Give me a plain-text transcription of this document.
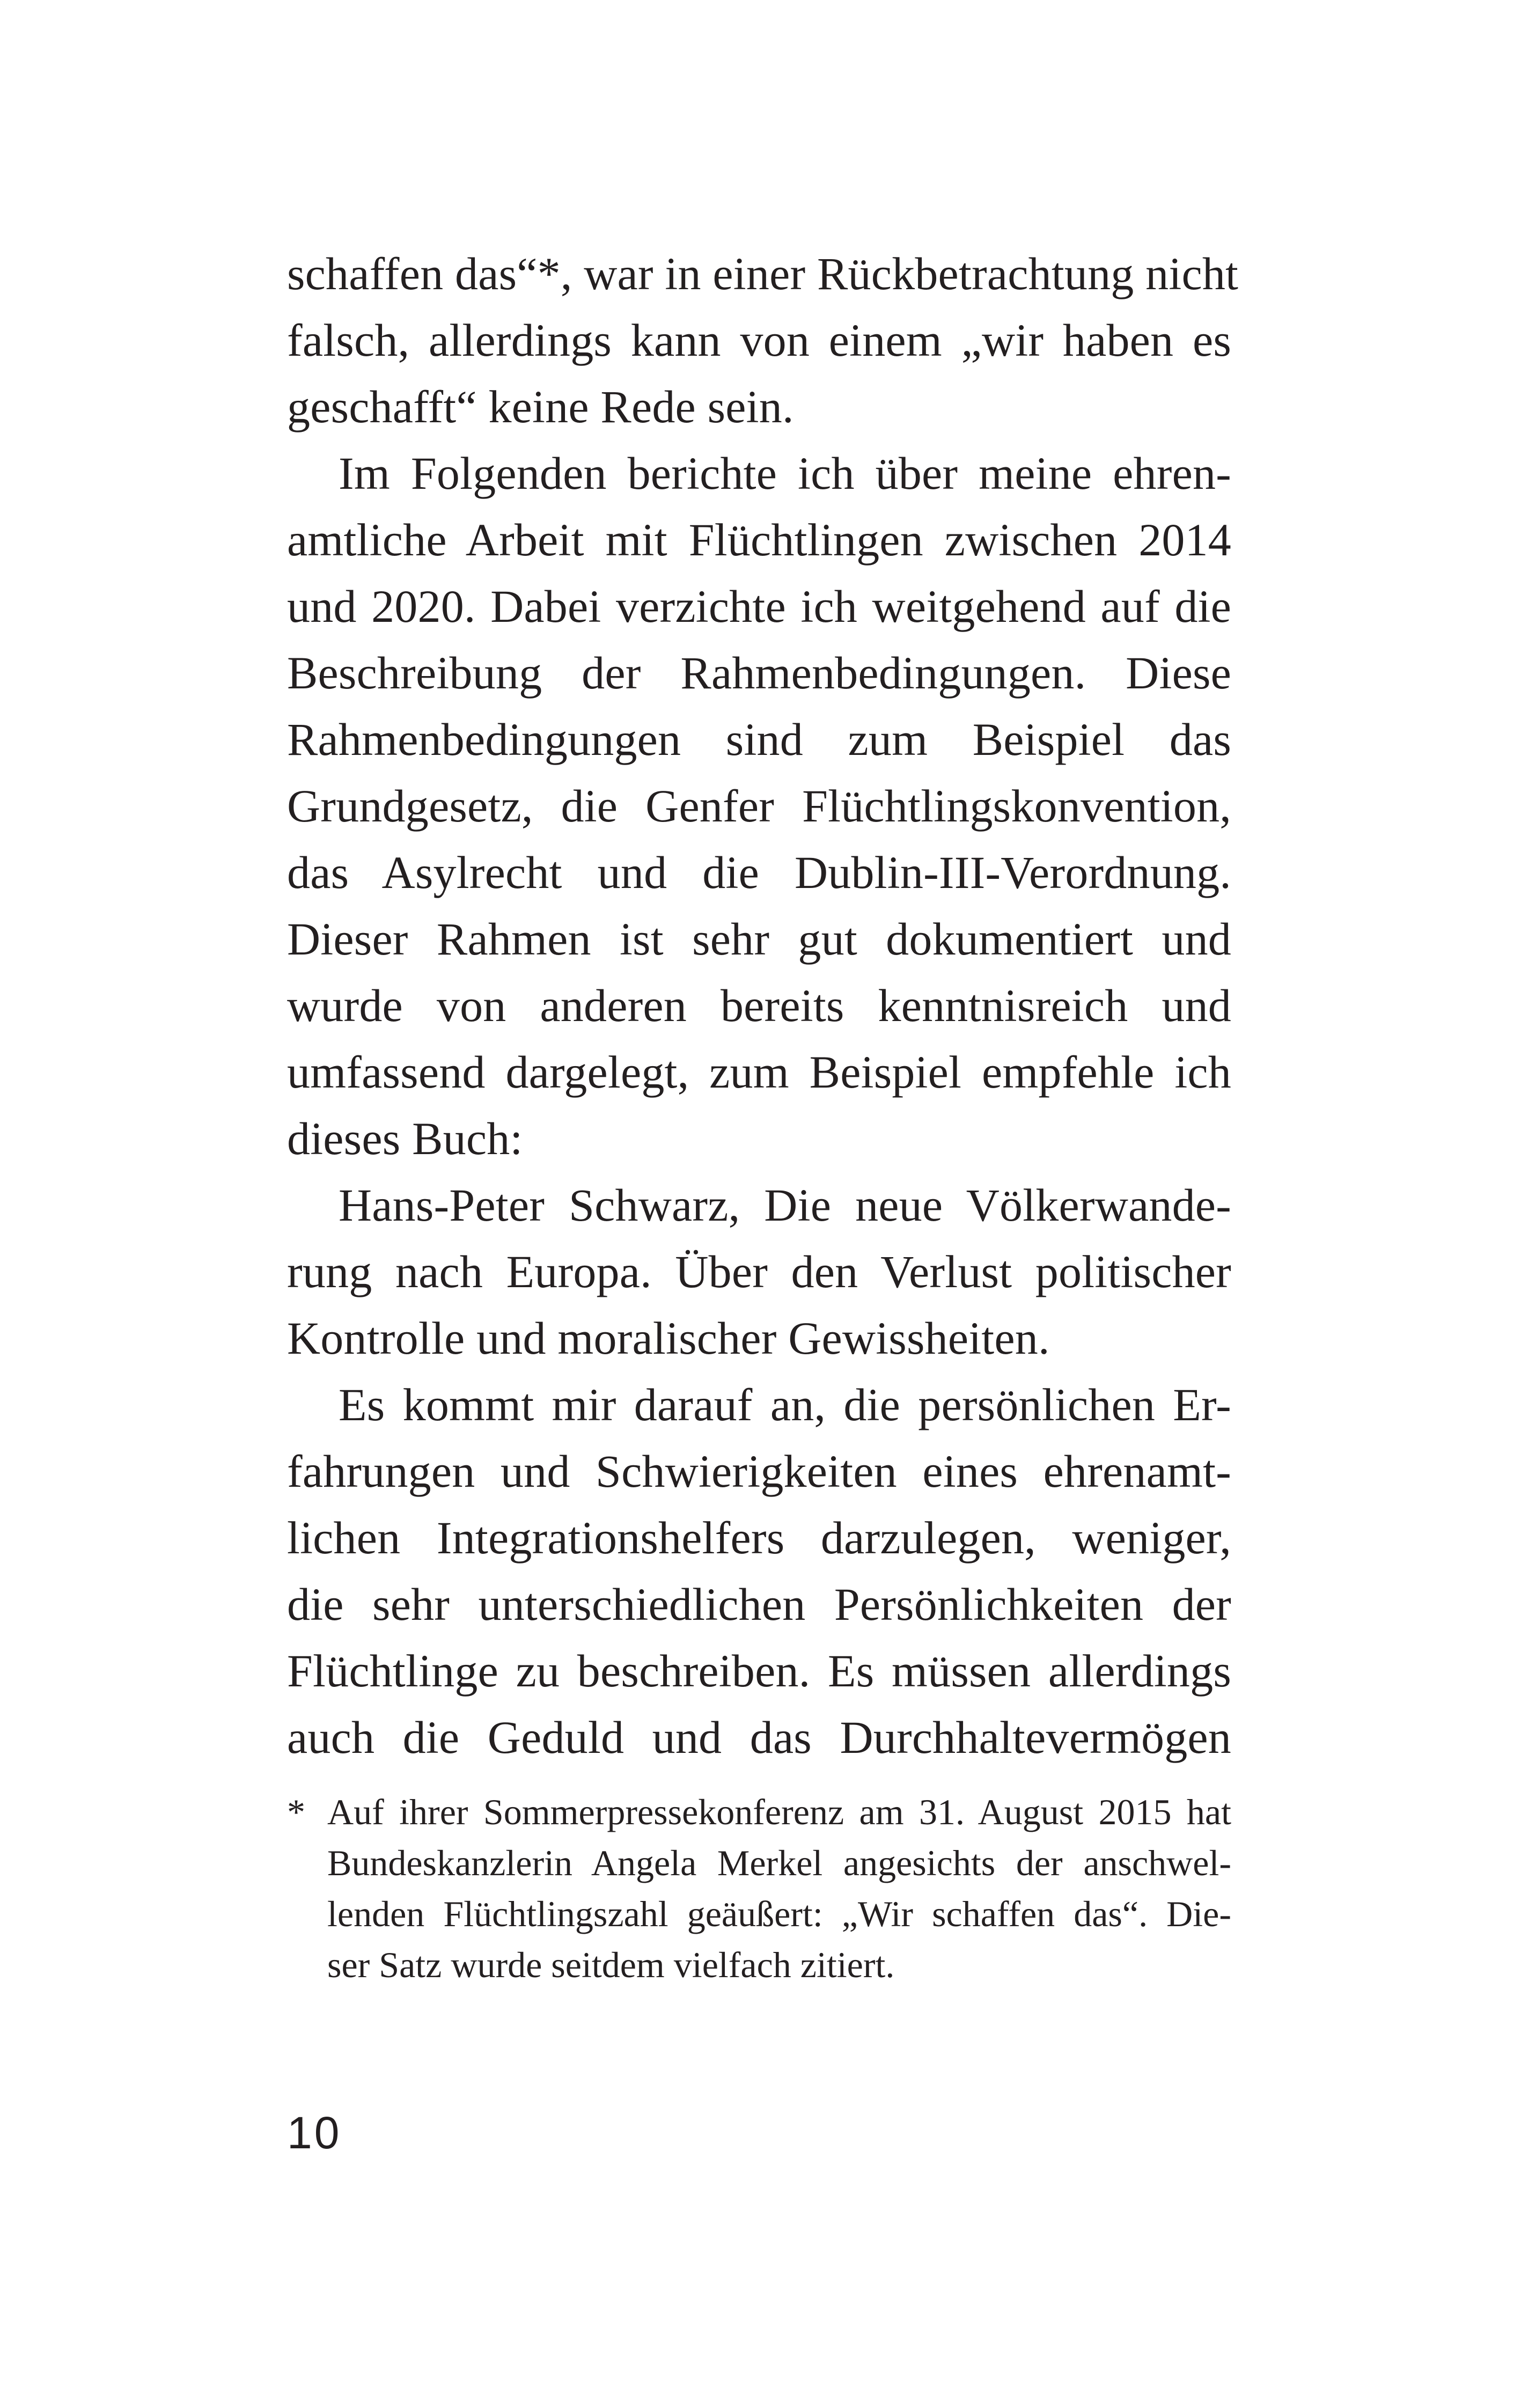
schaffen das“*, war in einer Rückbetrachtung nicht
falsch, allerdings kann von einem „wir haben es
geschafft“ keine Rede sein.
Im Folgenden berichte ich über meine ehren-
amtliche Arbeit mit Flüchtlingen zwischen 2014
und 2020. Dabei verzichte ich weitgehend auf die
Beschreibung der Rahmenbedingungen. Diese
Rahmenbedingungen sind zum Beispiel das
Grundgesetz, die Genfer Flüchtlingskonvention,
das Asylrecht und die Dublin-III-Verordnung.
Dieser Rahmen ist sehr gut dokumentiert und
wurde von anderen bereits kenntnisreich und
umfassend dargelegt, zum Beispiel empfehle ich
dieses Buch:
Hans-Peter Schwarz, Die neue Völkerwande-
rung nach Europa. Über den Verlust politischer
Kontrolle und moralischer Gewissheiten.
Es kommt mir darauf an, die persönlichen Er-
fahrungen und Schwierigkeiten eines ehrenamt-
lichen Integrationshelfers darzulegen, weniger,
die sehr unterschiedlichen Persönlichkeiten der
Flüchtlinge zu beschreiben. Es müssen allerdings
auch die Geduld und das Durchhaltevermögen
* Auf ihrer Sommerpressekonferenz am 31. August 2015 hat
Bundeskanzlerin Angela Merkel angesichts der anschwel-
lenden Flüchtlingszahl geäußert: „Wir schaffen das“. Die-
ser Satz wurde seitdem vielfach zitiert.
10
